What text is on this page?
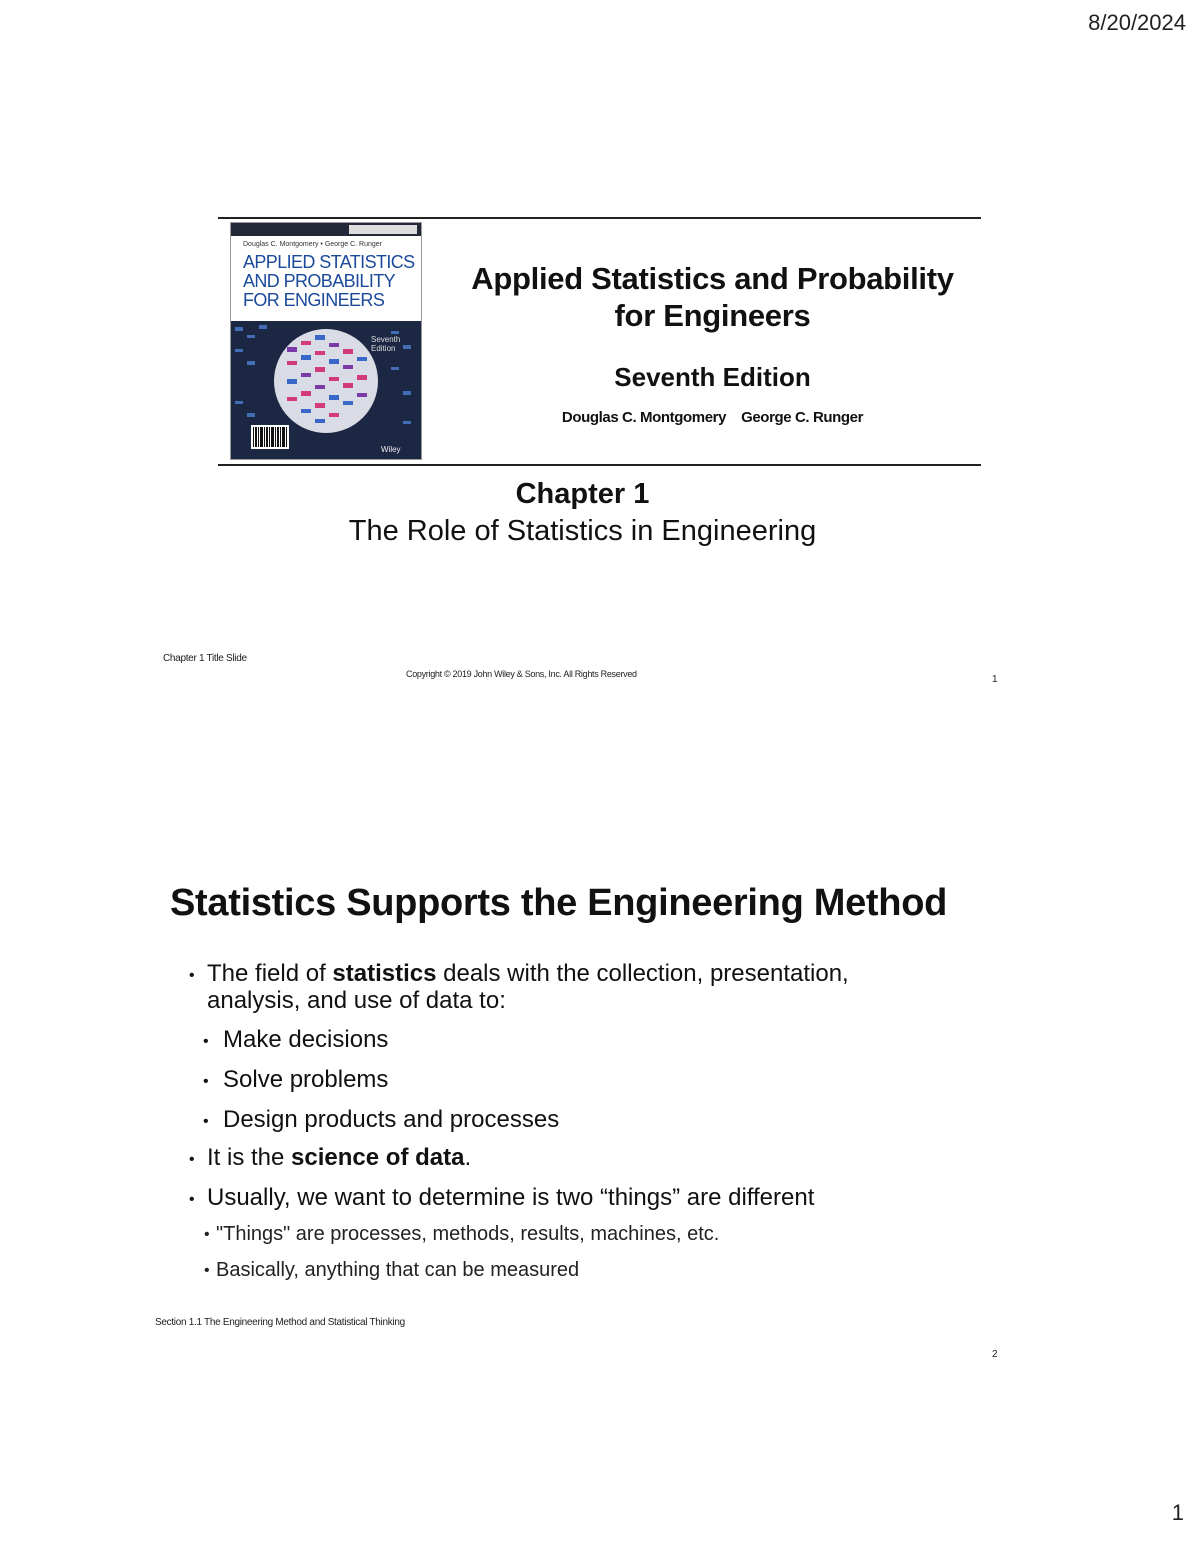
8/20/2024
Douglas C. Montgomery • George C. Runger
APPLIED STATISTICS
AND PROBABILITY
FOR ENGINEERS
Seventh Edition
Wiley
Applied Statistics and Probability
for Engineers
Seventh Edition
Douglas C. Montgomery    George C. Runger
Chapter 1
The Role of Statistics in Engineering
Chapter 1 Title Slide
Copyright © 2019 John Wiley & Sons, Inc. All Rights Reserved	1
Statistics Supports the Engineering Method
• The field of statistics deals with the collection, presentation, analysis, and use of data to:
• Make decisions
• Solve problems
• Design products and processes
• It is the science of data.
• Usually, we want to determine is two “things” are different
• "Things" are processes, methods, results, machines, etc.
• Basically, anything that can be measured
Section 1.1 The Engineering Method and Statistical Thinking
2
1
